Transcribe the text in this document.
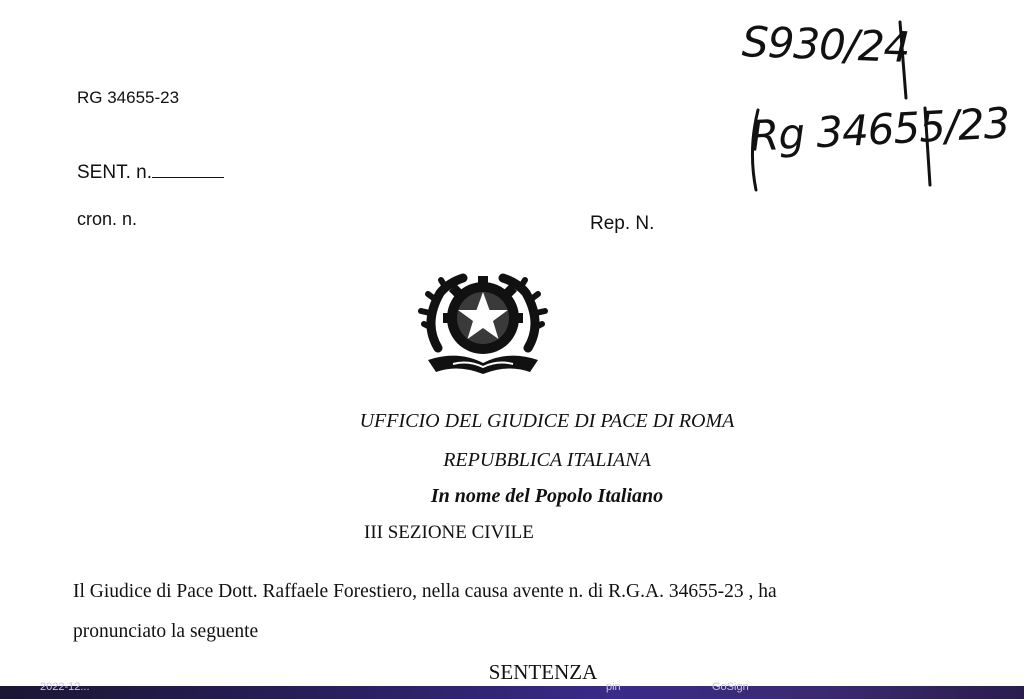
RG 34655-23
SENT. n.
cron. n.	Rep. N.
S930/24
Rg 34655/23
UFFICIO DEL GIUDICE DI PACE DI ROMA
REPUBBLICA ITALIANA
In nome del Popolo Italiano
III SEZIONE CIVILE
Il Giudice di Pace Dott. Raffaele Forestiero, nella causa avente n. di R.G.A. 34655-23 , ha
pronunciato la seguente
SENTENZA
2022-12...	pin	GoSign
